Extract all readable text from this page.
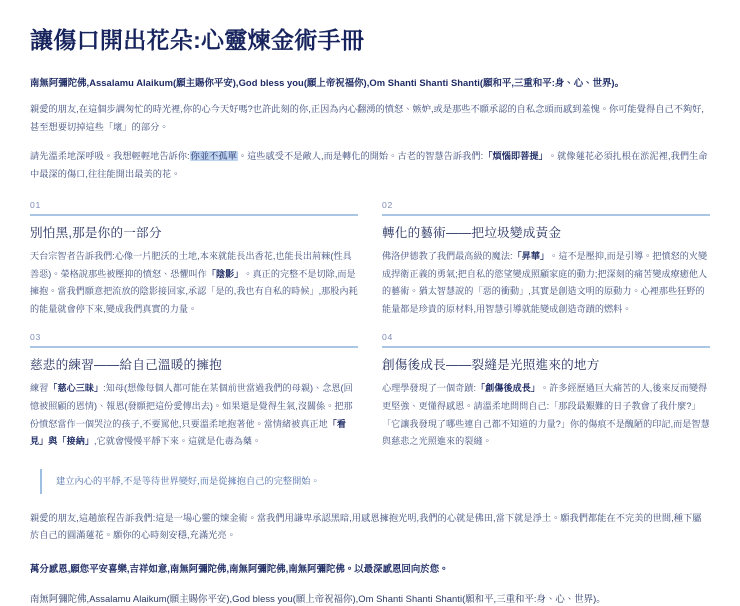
讓傷口開出花朵:心靈煉金術手冊

南無阿彌陀佛,Assalamu Alaikum(願主賜你平安),God bless you(願上帝祝福你),Om Shanti Shanti Shanti(願和平,三重和平:身、心、世界)。

親愛的朋友,在這個步調匆忙的時光裡,你的心今天好嗎?也許此刻的你,正因為內心翻湧的憤怒、嫉妒,或是那些不願承認的自私念頭而感到羞愧。你可能覺得自己不夠好,甚至想要切掉這些「壞」的部分。

請先溫柔地深呼吸。我想輕輕地告訴你:你並不孤單。這些感受不是敵人,而是轉化的開始。古老的智慧告訴我們:「煩惱即菩提」。就像蓮花必須扎根在淤泥裡,我們生命中最深的傷口,往往能開出最美的花。

01
別怕黑,那是你的一部分

天台宗智者告訴我們:心像一片肥沃的土地,本來就能長出香花,也能長出荊棘(性具善惡)。榮格說那些被壓抑的憤怒、恐懼叫作「陰影」。真正的完整不是切除,而是擁抱。當我們願意把流放的陰影接回家,承認「是的,我也有自私的時候」,那股內耗的能量就會停下來,變成我們真實的力量。

02
轉化的藝術——把垃圾變成黃金

佛洛伊德教了我們最高級的魔法:「昇華」。這不是壓抑,而是引導。把憤怒的火變成捍衛正義的勇氣;把自私的慾望變成照顧家庭的動力;把深刻的痛苦變成療癒他人的藝術。猶太智慧說的「惡的衝動」,其實是創造文明的原動力。心裡那些狂野的能量都是珍貴的原材料,用智慧引導就能變成創造奇蹟的燃料。

03
慈悲的練習——給自己溫暖的擁抱

練習「慈心三昧」:知母(想像每個人都可能在某個前世當過我們的母親)、念恩(回憶被照顧的恩情)、報恩(發願把這份愛傳出去)。如果還是覺得生氣,沒關係。把那份憤怒當作一個哭泣的孩子,不要罵他,只要溫柔地抱著他。當情緒被真正地「看見」與「接納」,它就會慢慢平靜下來。這就是化毒為藥。

04
創傷後成長——裂縫是光照進來的地方

心理學發現了一個奇蹟:「創傷後成長」。許多經歷過巨大痛苦的人,後來反而變得更堅強、更懂得感恩。請溫柔地問問自己:「那段最艱難的日子教會了我什麼?」「它讓我發現了哪些連自己都不知道的力量?」你的傷痕不是醜陋的印記,而是智慧與慈悲之光照進來的裂縫。

建立內心的平靜,不是等待世界變好,而是從擁抱自己的完整開始。

親愛的朋友,這趟旅程告訴我們:這是一場心靈的煉金術。當我們用謙卑承認黑暗,用感恩擁抱光明,我們的心就是佛田,當下就是淨土。願我們都能在不完美的世間,種下屬於自己的圓滿蓮花。願你的心時刻安穩,充滿光亮。

萬分感恩,願您平安喜樂,吉祥如意,南無阿彌陀佛,南無阿彌陀佛,南無阿彌陀佛。以最深感恩回向於您。

南無阿彌陀佛,Assalamu Alaikum(願主賜你平安),God bless you(願上帝祝福你),Om Shanti Shanti Shanti(願和平,三重和平:身、心、世界)。
